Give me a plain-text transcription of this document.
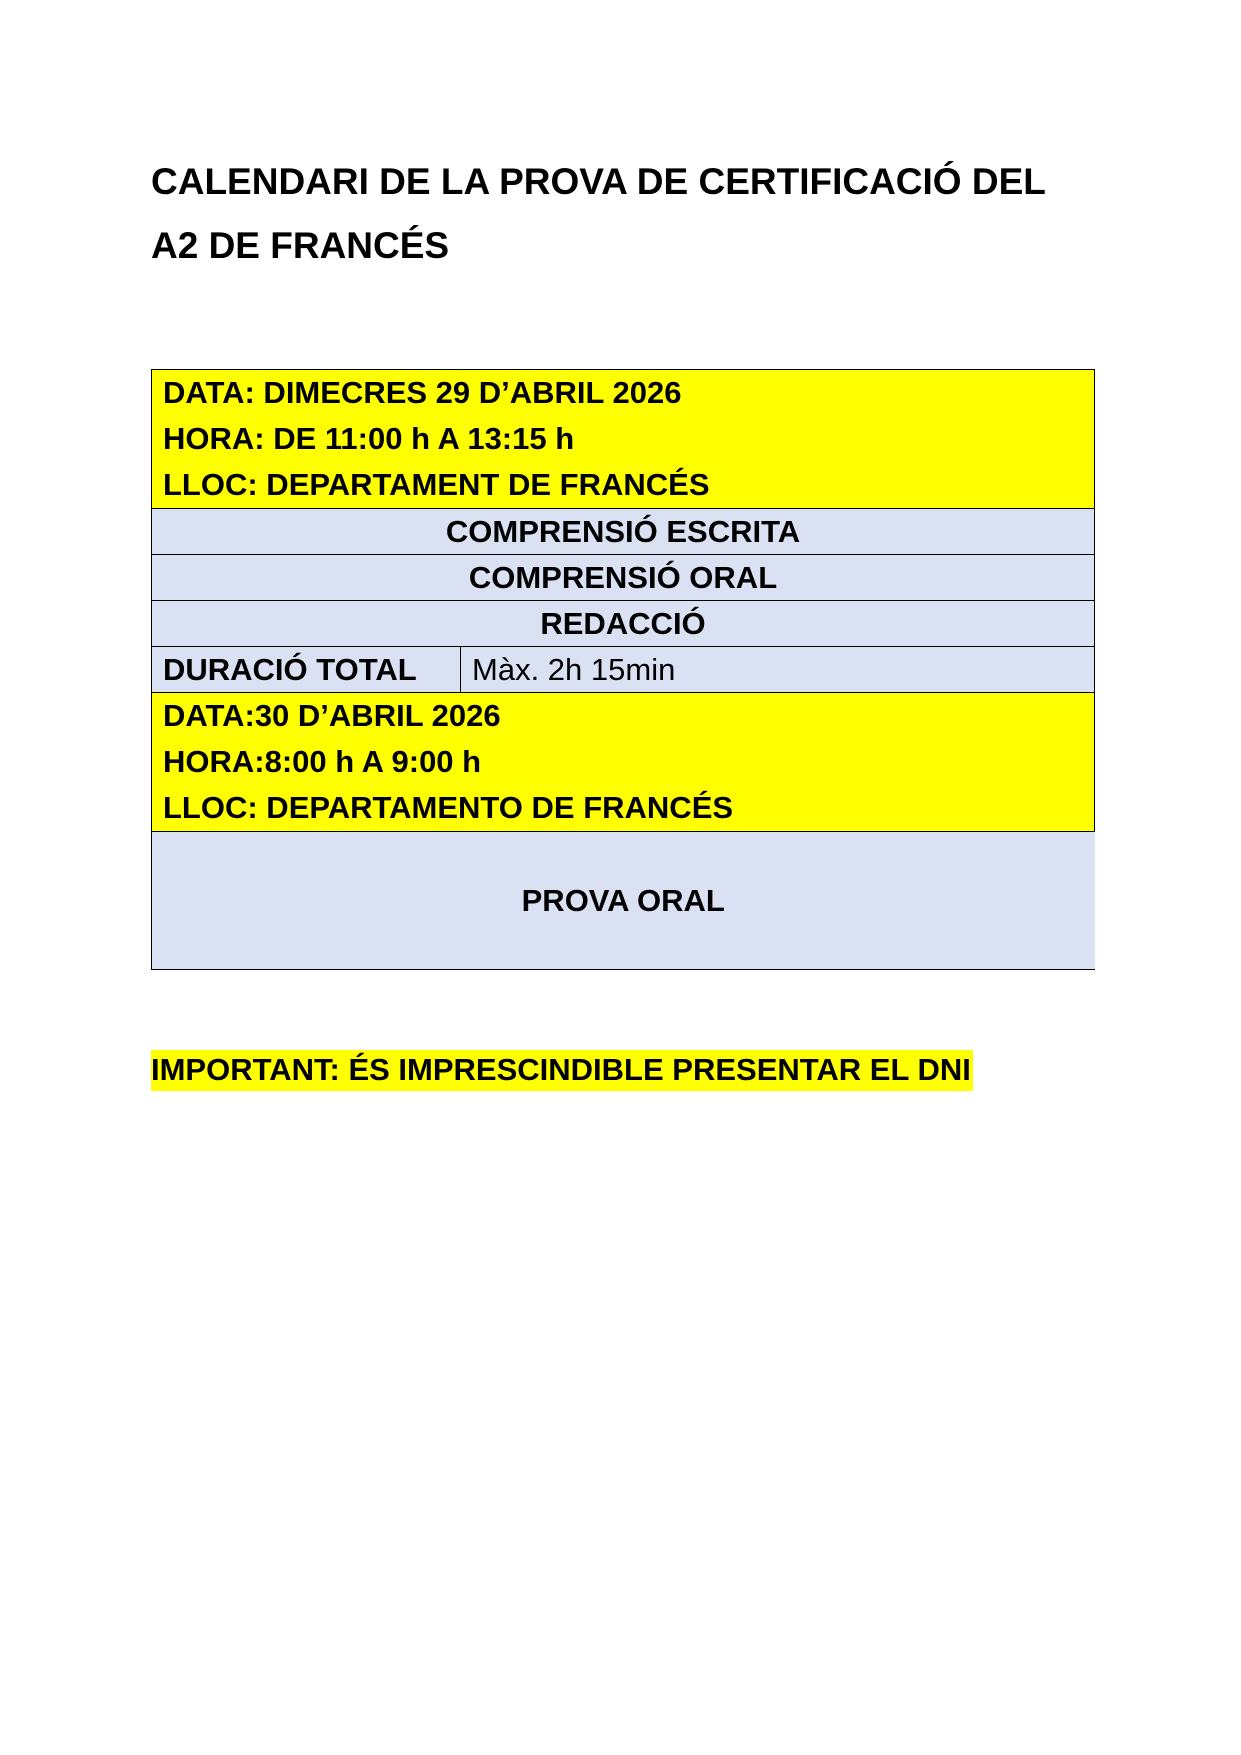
CALENDARI DE LA PROVA DE CERTIFICACIÓ DEL
A2 DE FRANCÉS
DATA: DIMECRES 29 D’ABRIL 2026
HORA: DE 11:00 h A 13:15 h
LLOC: DEPARTAMENT DE FRANCÉS

COMPRENSIÓ ESCRITA
COMPRENSIÓ ORAL
REDACCIÓ
DURACIÓ TOTAL	Màx. 2h 15min

DATA:30 D’ABRIL 2026
HORA:8:00 h A 9:00 h
LLOC: DEPARTAMENTO DE FRANCÉS

PROVA ORAL

IMPORTANT: ÉS IMPRESCINDIBLE PRESENTAR EL DNI
